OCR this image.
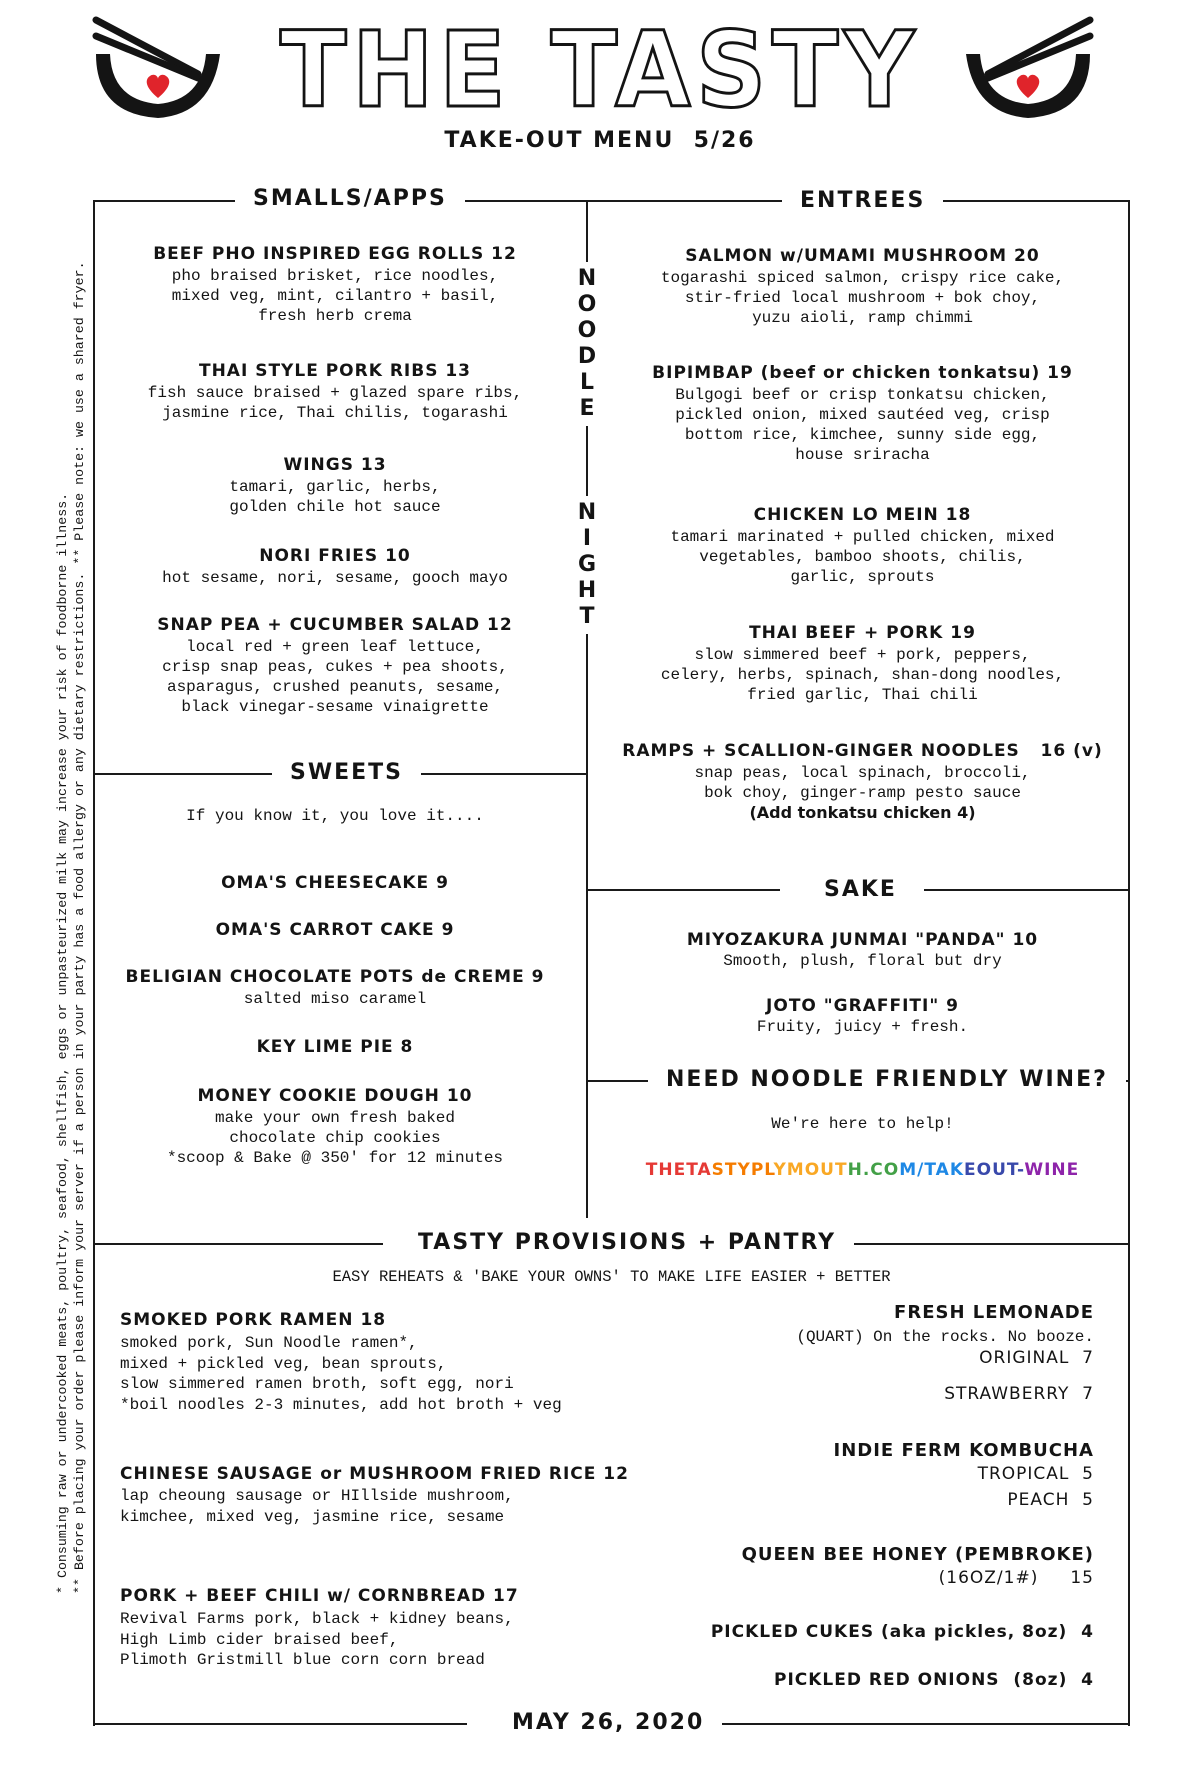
THE TASTY
TAKE-OUT MENU  5/26
SMALLS/APPS	ENTREES
SWEETS
SAKE
NEED NOODLE FRIENDLY WINE?
TASTY PROVISIONS + PANTRY
MAY 26, 2020
* Consuming raw or undercooked meats, poultry, seafood, shellfish, eggs or unpasteurized milk may increase your risk of foodborne illness. ** Before placing your order please inform your server if a person in your party has a food allergy or any dietary restrictions. ** Please note: we use a shared fryer.	N
O
O
D
L
E
N
I
G
H
T
BEEF PHO INSPIRED EGG ROLLS 12
pho braised brisket, rice noodles,
mixed veg, mint, cilantro + basil,
fresh herb crema
THAI STYLE PORK RIBS 13
fish sauce braised + glazed spare ribs,
jasmine rice, Thai chilis, togarashi
WINGS 13
tamari, garlic, herbs,
golden chile hot sauce
NORI FRIES 10
hot sesame, nori, sesame, gooch mayo
SNAP PEA + CUCUMBER SALAD 12
local red + green leaf lettuce,
crisp snap peas, cukes + pea shoots,
asparagus, crushed peanuts, sesame,
black vinegar-sesame vinaigrette
If you know it, you love it....
OMA'S CHEESECAKE 9
OMA'S CARROT CAKE 9
BELIGIAN CHOCOLATE POTS de CREME 9
salted miso caramel
KEY LIME PIE 8
MONEY COOKIE DOUGH 10
make your own fresh baked
chocolate chip cookies
*scoop & Bake @ 350' for 12 minutes
SALMON w/UMAMI MUSHROOM 20
togarashi spiced salmon, crispy rice cake,
stir-fried local mushroom + bok choy,
yuzu aioli, ramp chimmi
BIPIMBAP (beef or chicken tonkatsu) 19
Bulgogi beef or crisp tonkatsu chicken,
pickled onion, mixed sautéed veg, crisp
bottom rice, kimchee, sunny side egg,
house sriracha
CHICKEN LO MEIN 18
tamari marinated + pulled chicken, mixed
vegetables, bamboo shoots, chilis,
garlic, sprouts
THAI BEEF + PORK 19
slow simmered beef + pork, peppers,
celery, herbs, spinach, shan-dong noodles,
fried garlic, Thai chili
RAMPS + SCALLION-GINGER NOODLES   16 (v)
snap peas, local spinach, broccoli,
bok choy, ginger-ramp pesto sauce
(Add tonkatsu chicken 4)
MIYOZAKURA JUNMAI "PANDA" 10
Smooth, plush, floral but dry
JOTO "GRAFFITI" 9
Fruity, juicy + fresh.
We're here to help!
THETASTYPLYMOUTH.COM/TAKEOUT-WINE
EASY REHEATS & 'BAKE YOUR OWNS' TO MAKE LIFE EASIER + BETTER
SMOKED PORK RAMEN 18
smoked pork, Sun Noodle ramen*,
mixed + pickled veg, bean sprouts,
slow simmered ramen broth, soft egg, nori
*boil noodles 2-3 minutes, add hot broth + veg
CHINESE SAUSAGE or MUSHROOM FRIED RICE 12
lap cheoung sausage or HIllside mushroom,
kimchee, mixed veg, jasmine rice, sesame
PORK + BEEF CHILI w/ CORNBREAD 17
Revival Farms pork, black + kidney beans,
High Limb cider braised beef,
Plimoth Gristmill blue corn corn bread
FRESH LEMONADE
(QUART) On the rocks. No booze.
ORIGINAL  7
STRAWBERRY  7
INDIE FERM KOMBUCHA
TROPICAL  5
PEACH  5
QUEEN BEE HONEY (PEMBROKE)
(16OZ/1#)     15
PICKLED CUKES (aka pickles, 8oz)  4
PICKLED RED ONIONS  (8oz)  4
